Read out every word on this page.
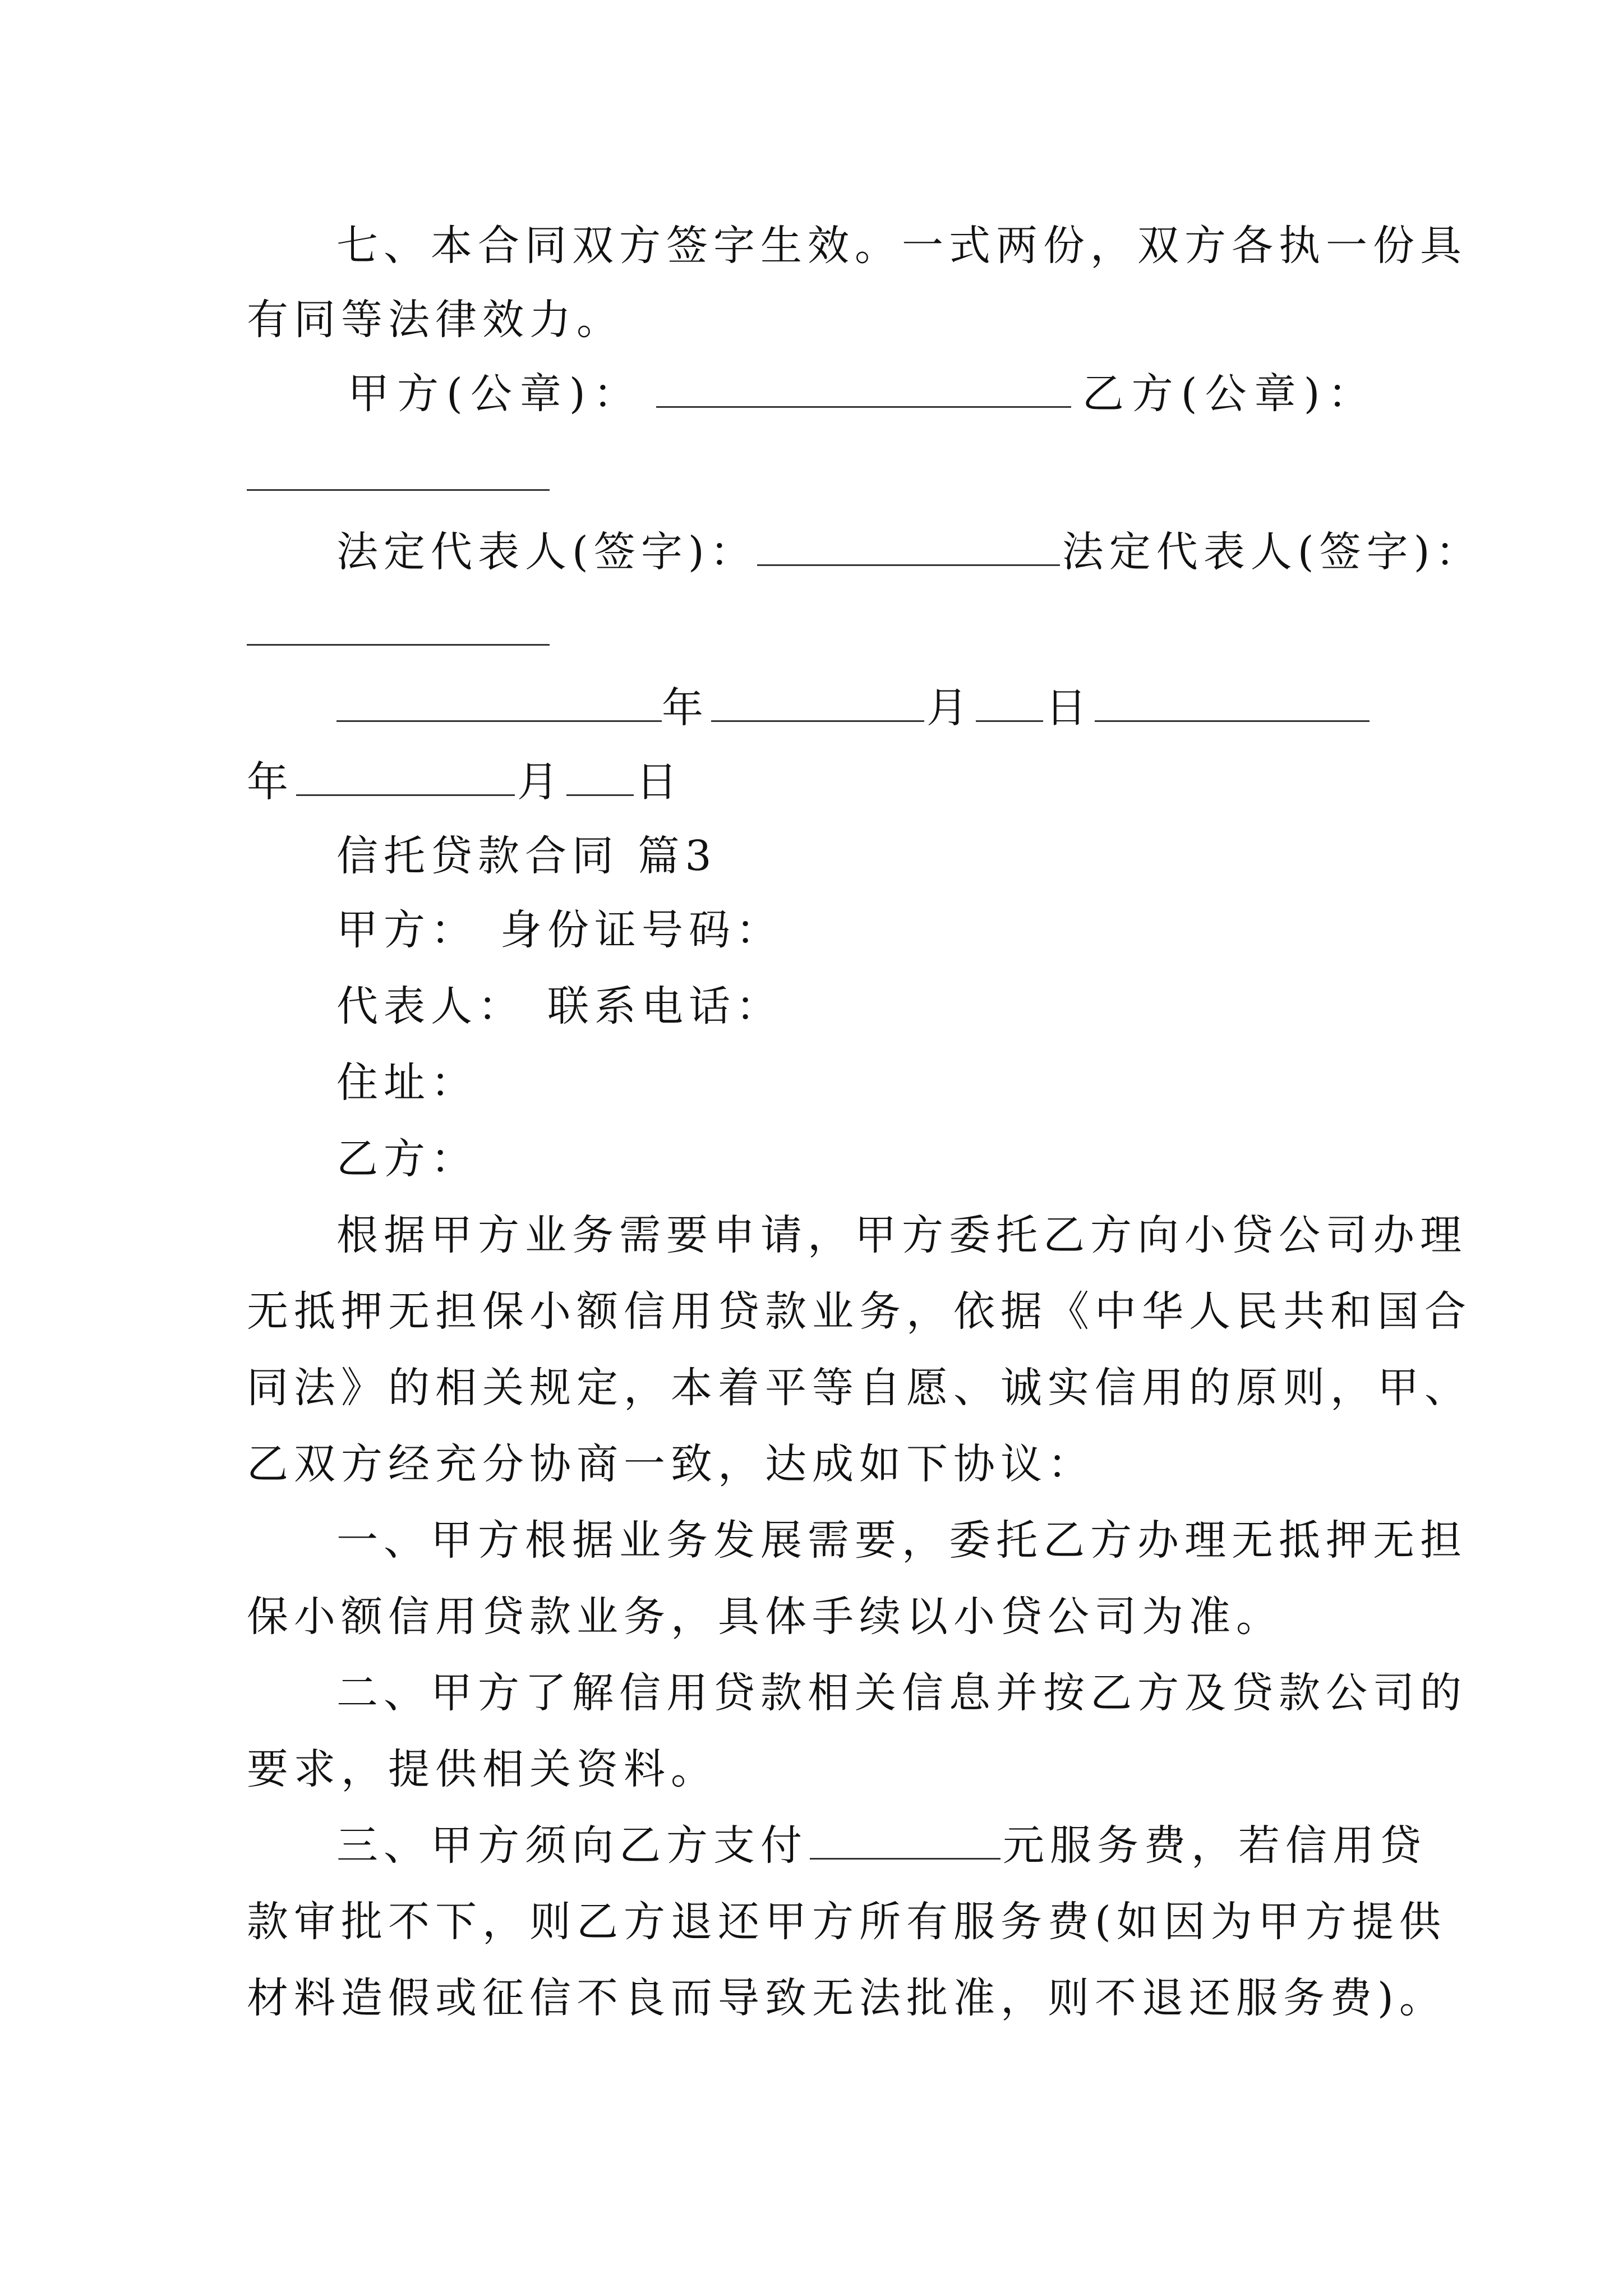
七、本合同双方签字生效。一式两份，双方各执一份具
有同等法律效力。
甲方(公章)：	乙方(公章)：
法定代表人(签字)：	法定代表人(签字)：
年	月 日
年	月 日
信托贷款合同 篇3
甲方： 身份证号码：
代表人： 联系电话：
住址：
乙方：
根据甲方业务需要申请，甲方委托乙方向小贷公司办理
无抵押无担保小额信用贷款业务，依据《中华人民共和国合
同法》的相关规定，本着平等自愿、诚实信用的原则，甲、
乙双方经充分协商一致，达成如下协议：
一、甲方根据业务发展需要，委托乙方办理无抵押无担
保小额信用贷款业务，具体手续以小贷公司为准。
二、甲方了解信用贷款相关信息并按乙方及贷款公司的
要求，提供相关资料。
三、甲方须向乙方支付	元服务费，若信用贷
款审批不下，则乙方退还甲方所有服务费(如因为甲方提供
材料造假或征信不良而导致无法批准，则不退还服务费)。
